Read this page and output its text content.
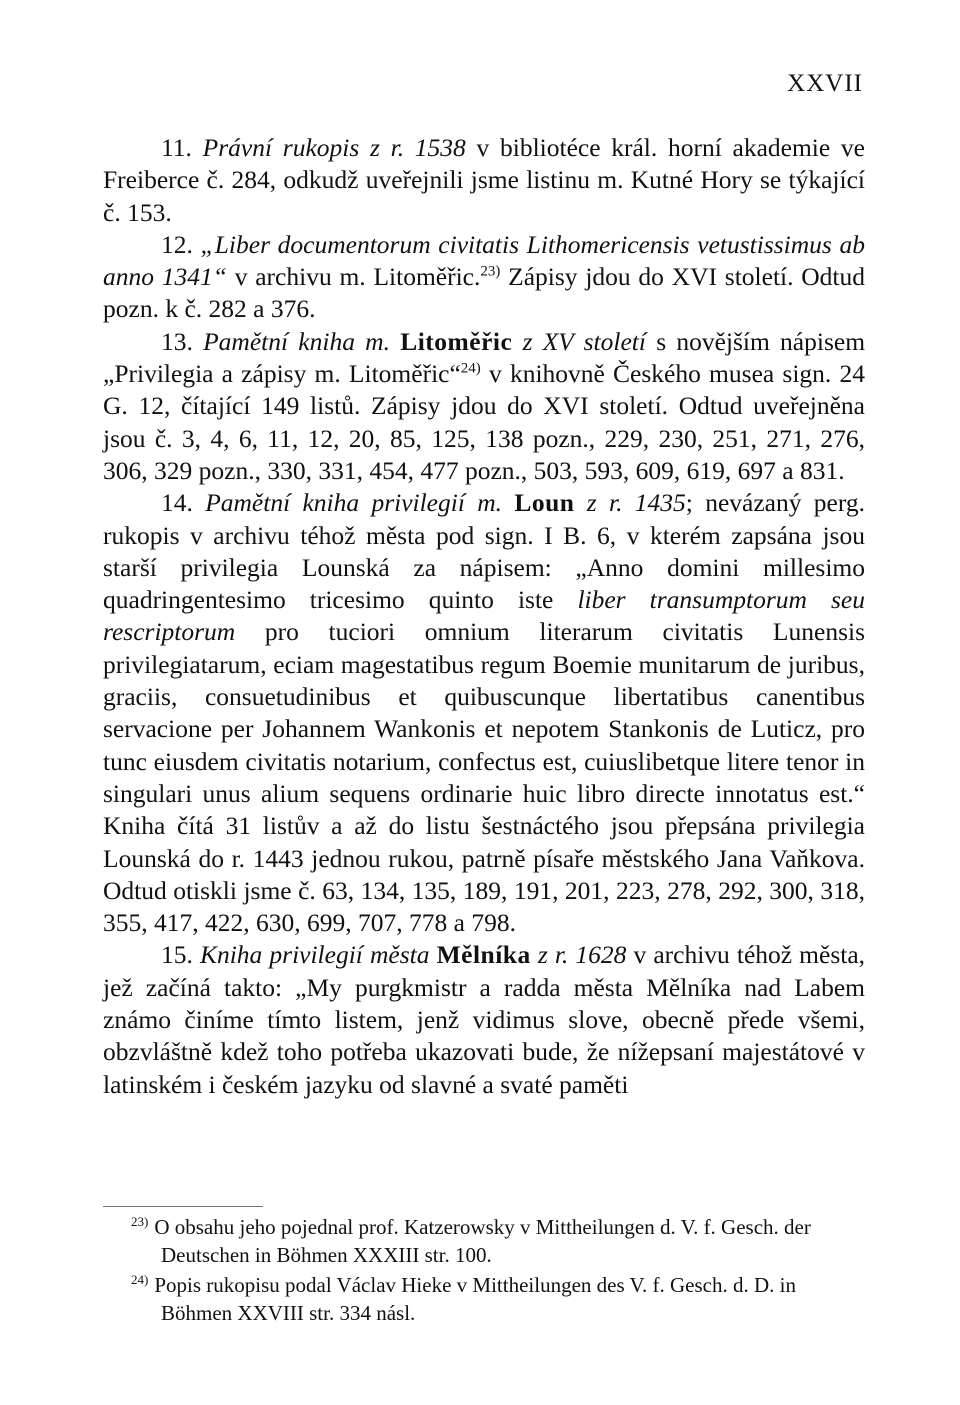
XXVII

11. Právní rukopis z r. 1538 v bibliotéce král. horní akademie ve Freiberce č. 284, odkudž uveřejnili jsme listinu m. Kutné Hory se týkající č. 153.

12. „Liber documentorum civitatis Lithomericensis vetustissimus ab anno 1341“ v archivu m. Litoměřic.$^{23)}$ Zápisy jdou do XVI století. Odtud pozn. k č. 282 a 376.

13. Pamětní kniha m. Litoměřic z XV století s novějším nápisem „Privilegia a zápisy m. Litoměřic“$^{24)}$ v knihovně Českého musea sign. 24 G. 12, čítající 149 listů. Zápisy jdou do XVI století. Odtud uveřejněna jsou č. 3, 4, 6, 11, 12, 20, 85, 125, 138 pozn., 229, 230, 251, 271, 276, 306, 329 pozn., 330, 331, 454, 477 pozn., 503, 593, 609, 619, 697 a 831.

14. Pamětní kniha privilegií m. Loun z r. 1435; nevázaný perg. rukopis v archivu téhož města pod sign. I B. 6, v kterém zapsána jsou starší privilegia Lounská za nápisem: „Anno domini millesimo quadringentesimo tricesimo quinto iste liber transumptorum seu rescriptorum pro tuciori omnium literarum civitatis Lunensis privilegiatarum, eciam magestatibus regum Boemie munitarum de juribus, graciis, consuetudinibus et quibuscunque libertatibus canentibus servacione per Johannem Wankonis et nepotem Stankonis de Luticz, pro tunc eiusdem civitatis notarium, confectus est, cuiuslibetque litere tenor in singulari unus alium sequens ordinarie huic libro directe innotatus est.“ Kniha čítá 31 listův a až do listu šestnáctého jsou přepsána privilegia Lounská do r. 1443 jednou rukou, patrně písaře městského Jana Vaňkova. Odtud otiskli jsme č. 63, 134, 135, 189, 191, 201, 223, 278, 292, 300, 318, 355, 417, 422, 630, 699, 707, 778 a 798.

15. Kniha privilegií města Mělníka z r. 1628 v archivu téhož města, jež začíná takto: „My purgkmistr a radda města Mělníka nad Labem známo činíme tímto listem, jenž vidimus slove, obecně přede všemi, obzvláštně kdež toho potřeba ukazovati bude, že nížepsaní majestátové v latinském i českém jazyku od slavné a svaté paměti

$^{23)}$ O obsahu jeho pojednal prof. Katzerowsky v Mittheilungen d. V. f. Gesch. der Deutschen in Böhmen XXXIII str. 100.

$^{24)}$ Popis rukopisu podal Václav Hieke v Mittheilungen des V. f. Gesch. d. D. in Böhmen XXVIII str. 334 násl.
